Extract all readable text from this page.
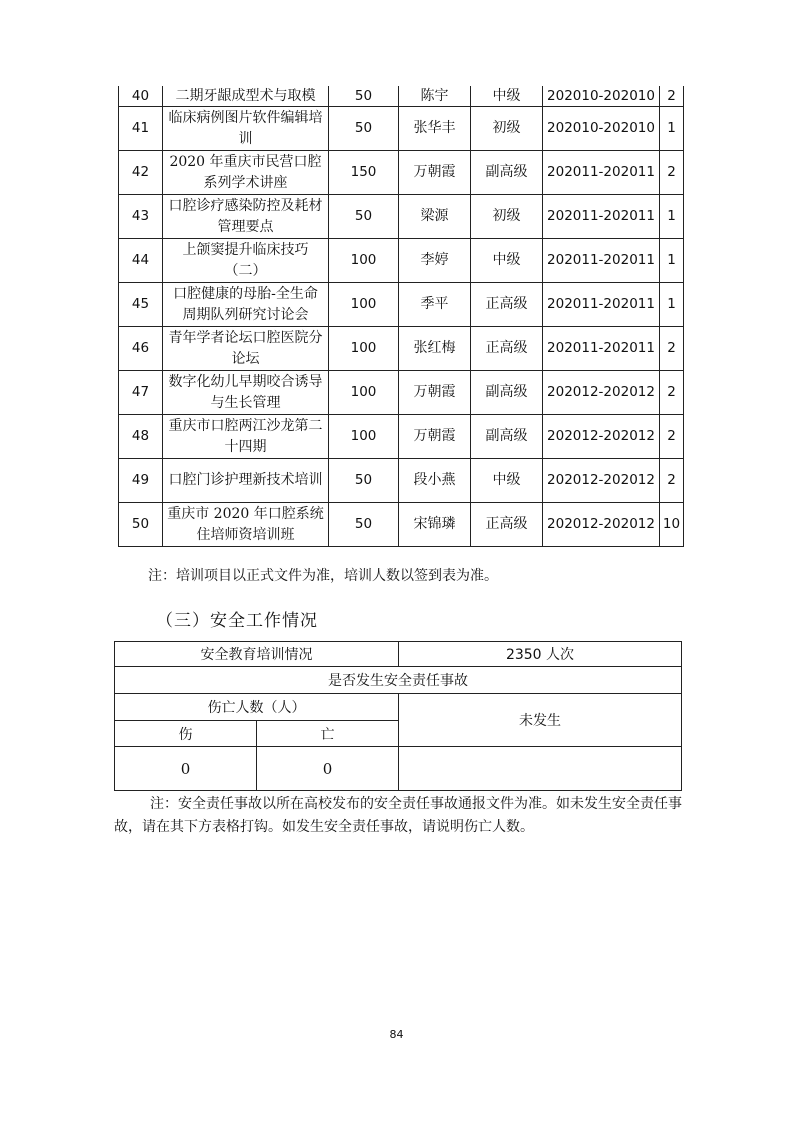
40	二期牙龈成型术与取模	50	陈宇	中级	202010-202010	2
41	临床病例图片软件编辑培训	50	张华丰	初级	202010-202010	1
42	2020 年重庆市民营口腔系列学术讲座	150	万朝霞	副高级	202011-202011	2
43	口腔诊疗感染防控及耗材管理要点	50	梁源	初级	202011-202011	1
44	上颌窦提升临床技巧（二）	100	李婷	中级	202011-202011	1
45	口腔健康的母胎-全生命周期队列研究讨论会	100	季平	正高级	202011-202011	1
46	青年学者论坛口腔医院分论坛	100	张红梅	正高级	202011-202011	2
47	数字化幼儿早期咬合诱导与生长管理	100	万朝霞	副高级	202012-202012	2
48	重庆市口腔两江沙龙第二十四期	100	万朝霞	副高级	202012-202012	2
49	口腔门诊护理新技术培训	50	段小燕	中级	202012-202012	2
50	重庆市 2020 年口腔系统住培师资培训班	50	宋锦璘	正高级	202012-202012	10
注：培训项目以正式文件为准，培训人数以签到表为准。
（三）安全工作情况
安全教育培训情况		2350 人次
是否发生安全责任事故		
伤亡人数（人）		未发生
伤	亡	
0	0	
注：安全责任事故以所在高校发布的安全责任事故通报文件为准。如未发生安全责任事故，请在其下方表格打钩。如发生安全责任事故，请说明伤亡人数。
84
